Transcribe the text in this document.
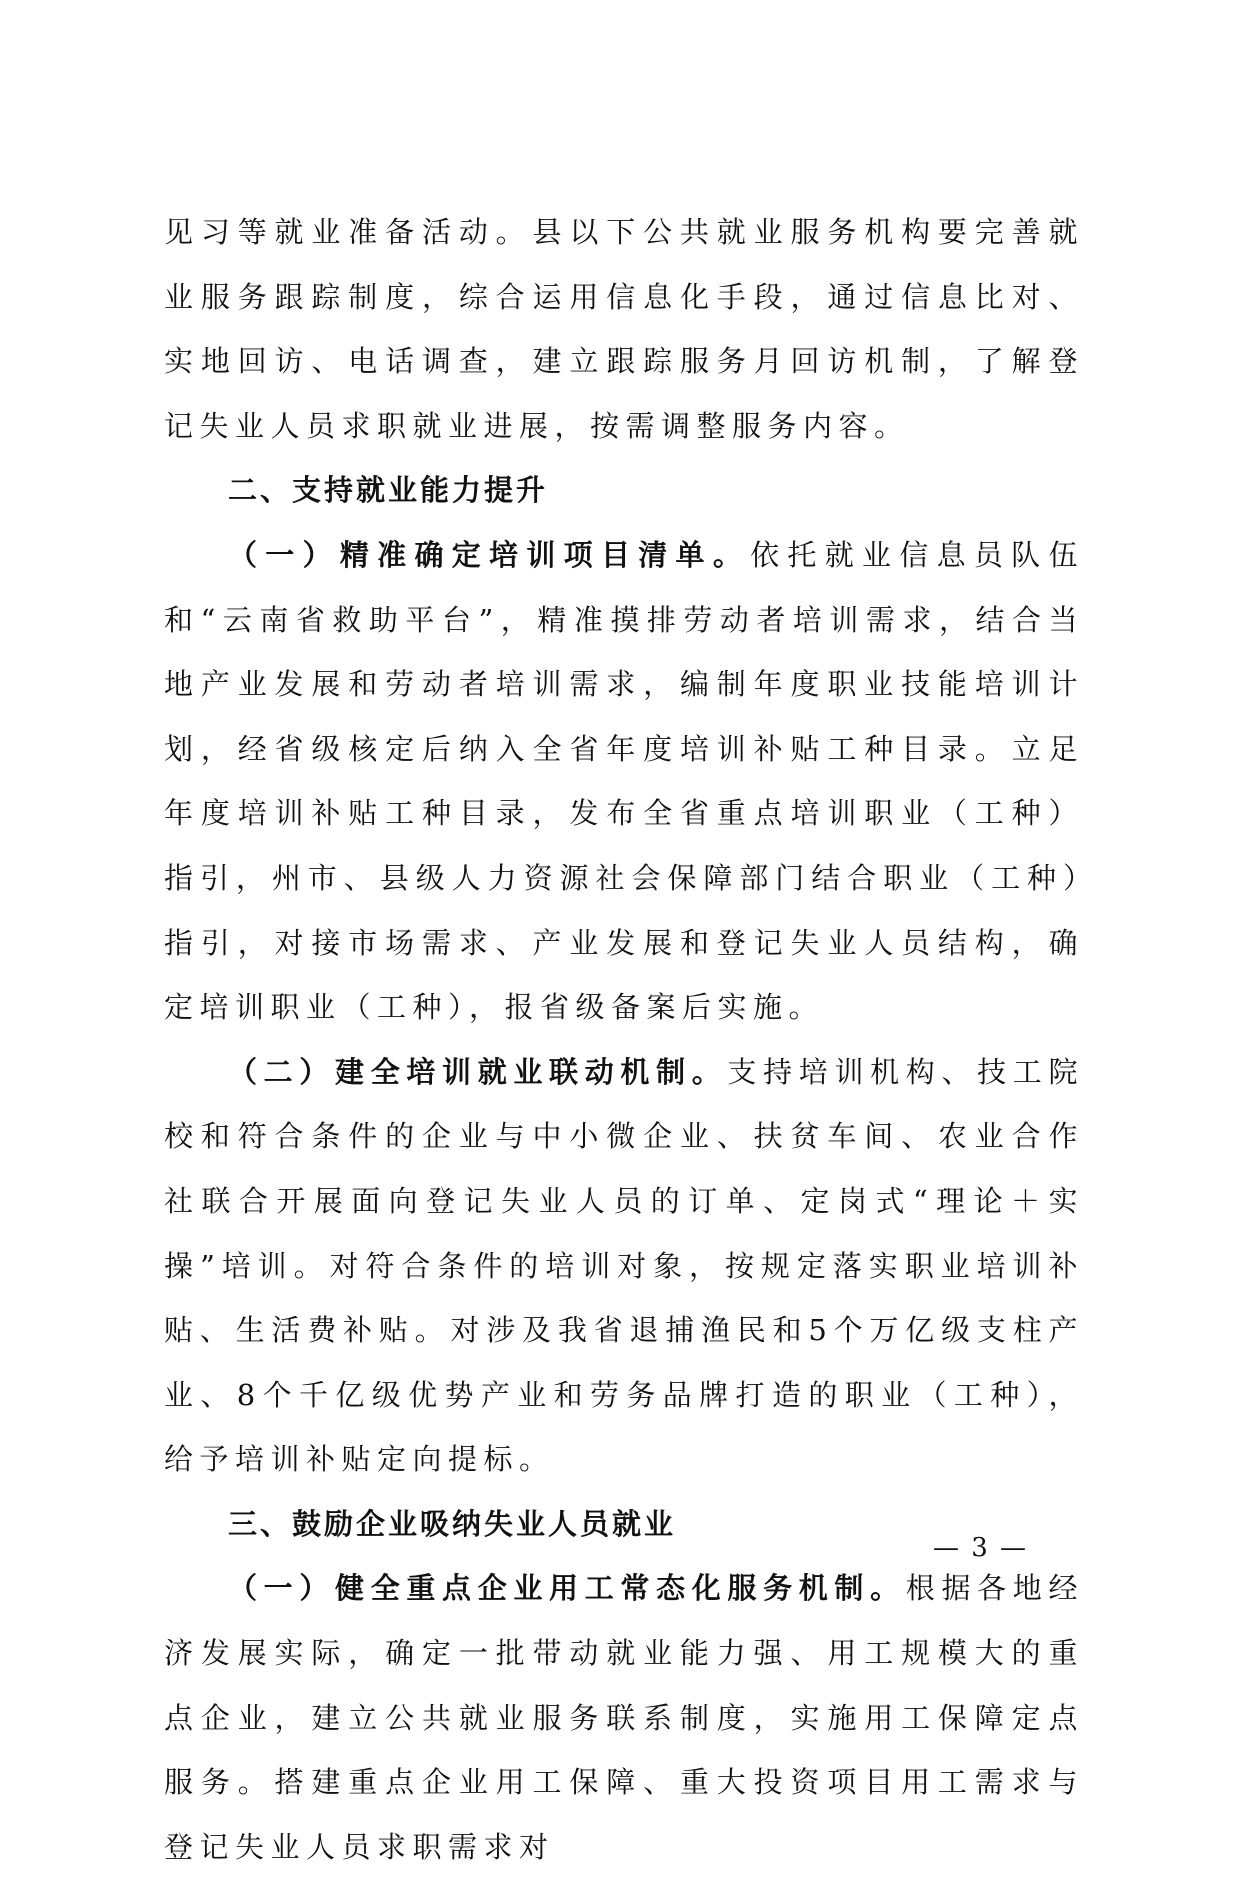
见习等就业准备活动。县以下公共就业服务机构要完善就业服务跟踪制度，综合运用信息化手段，通过信息比对、实地回访、电话调查，建立跟踪服务月回访机制，了解登记失业人员求职就业进展，按需调整服务内容。

二、支持就业能力提升

（一）精准确定培训项目清单。依托就业信息员队伍和“云南省救助平台”，精准摸排劳动者培训需求，结合当地产业发展和劳动者培训需求，编制年度职业技能培训计划，经省级核定后纳入全省年度培训补贴工种目录。立足年度培训补贴工种目录，发布全省重点培训职业（工种）指引，州市、县级人力资源社会保障部门结合职业（工种）指引，对接市场需求、产业发展和登记失业人员结构，确定培训职业（工种），报省级备案后实施。

（二）建全培训就业联动机制。支持培训机构、技工院校和符合条件的企业与中小微企业、扶贫车间、农业合作社联合开展面向登记失业人员的订单、定岗式“理论＋实操”培训。对符合条件的培训对象，按规定落实职业培训补贴、生活费补贴。对涉及我省退捕渔民和5个万亿级支柱产业、8个千亿级优势产业和劳务品牌打造的职业（工种），给予培训补贴定向提标。

三、鼓励企业吸纳失业人员就业

（一）健全重点企业用工常态化服务机制。根据各地经济发展实际，确定一批带动就业能力强、用工规模大的重点企业，建立公共就业服务联系制度，实施用工保障定点服务。搭建重点企业用工保障、重大投资项目用工需求与登记失业人员求职需求对

— 3 —
